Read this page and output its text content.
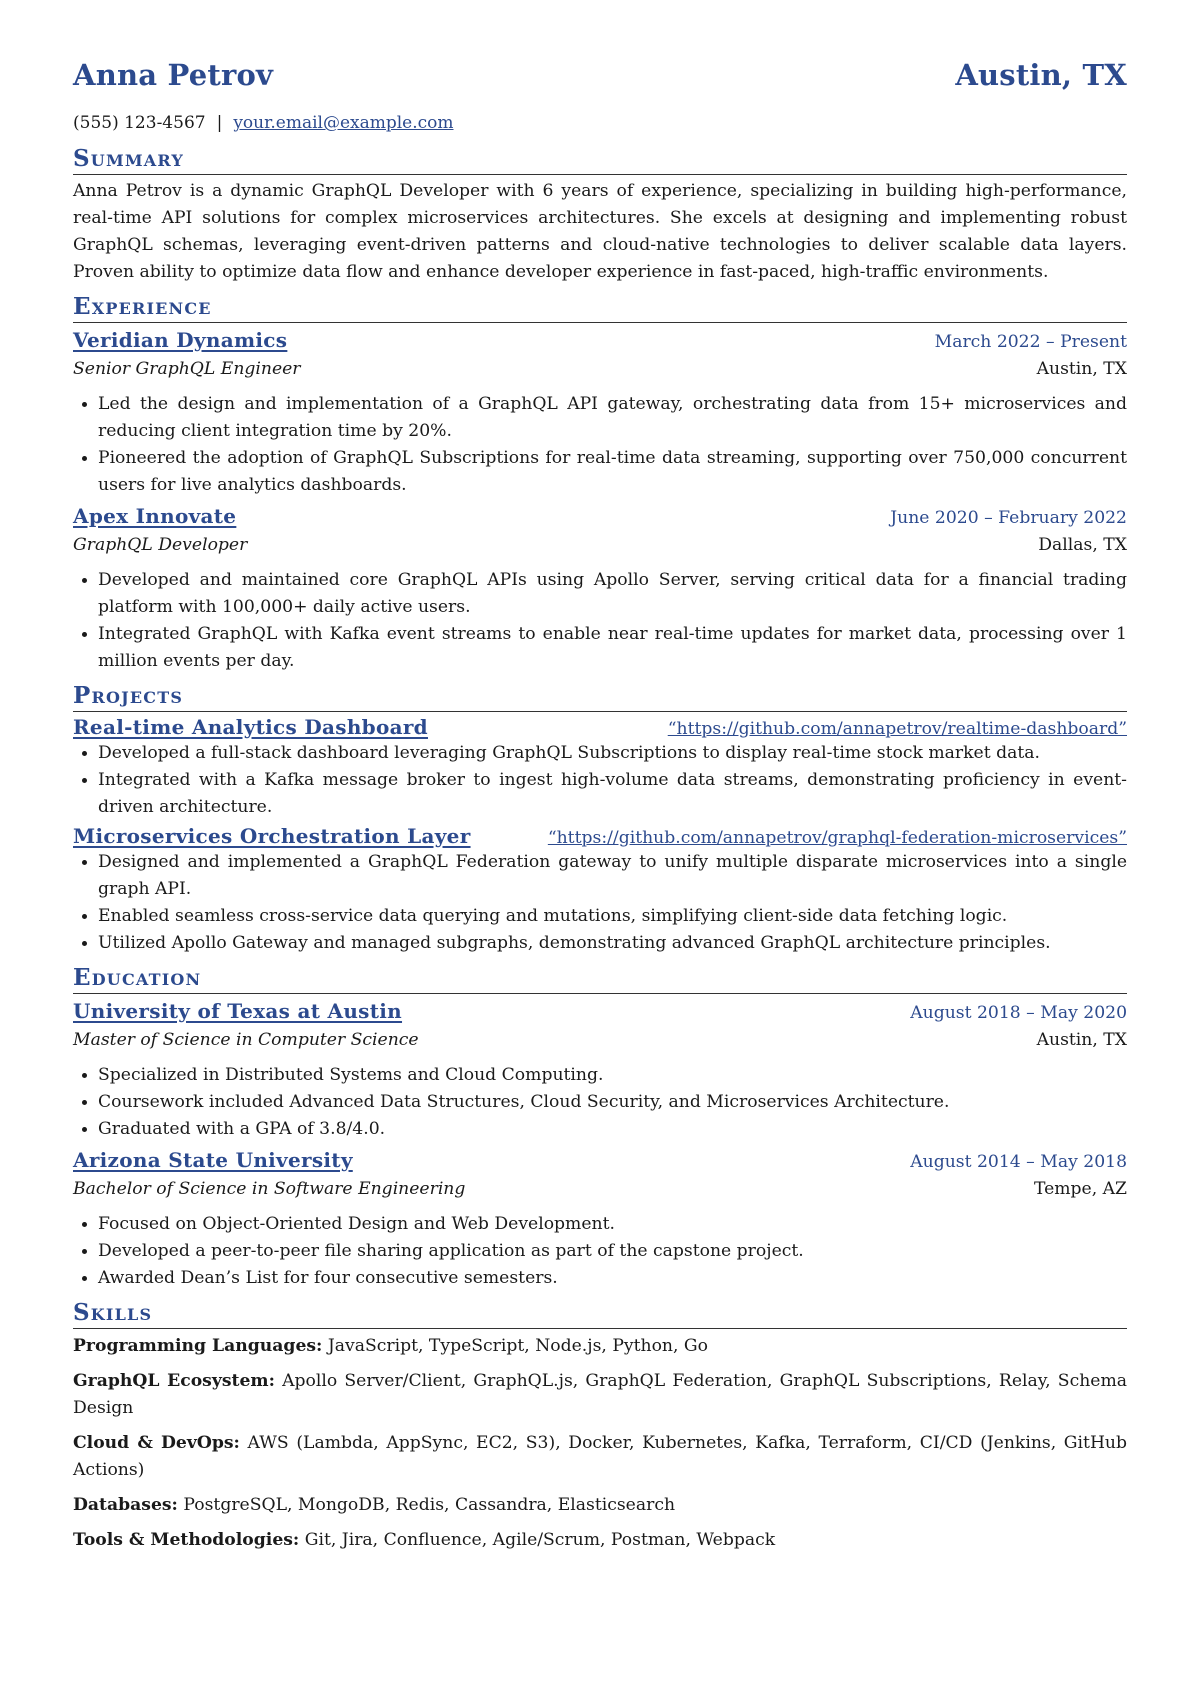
Anna Petrov	Austin, TX
(555) 123-4567 | your.email@example.com
Summary

Anna Petrov is a dynamic GraphQL Developer with 6 years of experience, specializing in building high-performance, real-time API solutions for complex microservices architectures. She excels at designing and implementing robust GraphQL schemas, leveraging event-driven patterns and cloud-native technologies to deliver scalable data layers. Proven ability to optimize data flow and enhance developer experience in fast-paced, high-traffic environments.

Experience
Veridian Dynamics	March 2022 – Present
Senior GraphQL Engineer	Austin, TX
• Led the design and implementation of a GraphQL API gateway, orchestrating data from 15+ microservices and reducing client integration time by 20%.
• Pioneered the adoption of GraphQL Subscriptions for real-time data streaming, supporting over 750,000 concurrent users for live analytics dashboards.
Apex Innovate	June 2020 – February 2022
GraphQL Developer	Dallas, TX
• Developed and maintained core GraphQL APIs using Apollo Server, serving critical data for a financial trading platform with 100,000+ daily active users.
• Integrated GraphQL with Kafka event streams to enable near real-time updates for market data, processing over 1 million events per day.
Projects
Real-time Analytics Dashboard	“https://github.com/annapetrov/realtime-dashboard”
• Developed a full-stack dashboard leveraging GraphQL Subscriptions to display real-time stock market data.
• Integrated with a Kafka message broker to ingest high-volume data streams, demonstrating proficiency in event-driven architecture.
Microservices Orchestration Layer	“https://github.com/annapetrov/graphql-federation-microservices”
• Designed and implemented a GraphQL Federation gateway to unify multiple disparate microservices into a single graph API.
• Enabled seamless cross-service data querying and mutations, simplifying client-side data fetching logic.
• Utilized Apollo Gateway and managed subgraphs, demonstrating advanced GraphQL architecture principles.
Education
University of Texas at Austin	August 2018 – May 2020
Master of Science in Computer Science	Austin, TX
• Specialized in Distributed Systems and Cloud Computing.
• Coursework included Advanced Data Structures, Cloud Security, and Microservices Architecture.
• Graduated with a GPA of 3.8/4.0.
Arizona State University	August 2014 – May 2018
Bachelor of Science in Software Engineering	Tempe, AZ
• Focused on Object-Oriented Design and Web Development.
• Developed a peer-to-peer file sharing application as part of the capstone project.
• Awarded Dean’s List for four consecutive semesters.
Skills
Programming Languages: JavaScript, TypeScript, Node.js, Python, Go
GraphQL Ecosystem: Apollo Server/Client, GraphQL.js, GraphQL Federation, GraphQL Subscriptions, Relay, Schema Design
Cloud & DevOps: AWS (Lambda, AppSync, EC2, S3), Docker, Kubernetes, Kafka, Terraform, CI/CD (Jenkins, GitHub Actions)
Databases: PostgreSQL, MongoDB, Redis, Cassandra, Elasticsearch
Tools & Methodologies: Git, Jira, Confluence, Agile/Scrum, Postman, Webpack
